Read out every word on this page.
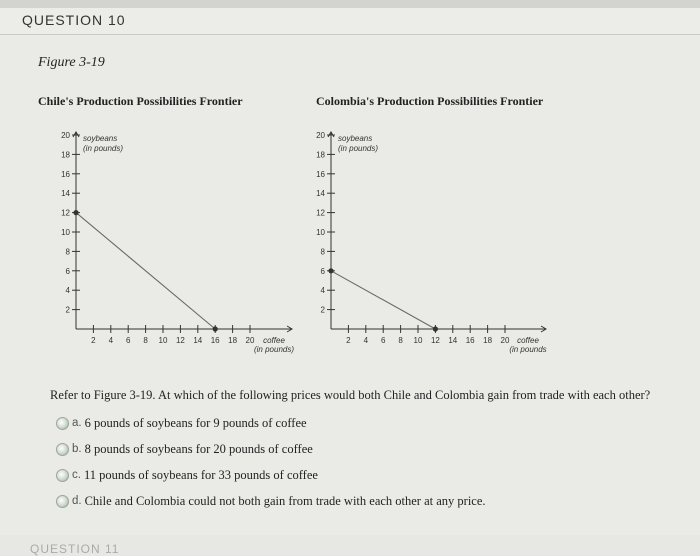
QUESTION 10
Figure 3-19
Chile's Production Possibilities Frontier	Colombia's Production Possibilities Frontier
2
4
6
8
10
12
14
16
18
20
2 4 6 8 10 12 14 16 18 20
soybeans
(in pounds)
coffee
(in pounds)
2
4
6
8
10
12
14
16
18
20
2 4 6 8 10 12 14 16 18 20
soybeans
(in pounds)
coffee
(in pounds
Refer to Figure 3-19. At which of the following prices would both Chile and Colombia gain from trade with each other?
a. 6 pounds of soybeans for 9 pounds of coffee
b. 8 pounds of soybeans for 20 pounds of coffee
c. 11 pounds of soybeans for 33 pounds of coffee
d. Chile and Colombia could not both gain from trade with each other at any price.
QUESTION 11
